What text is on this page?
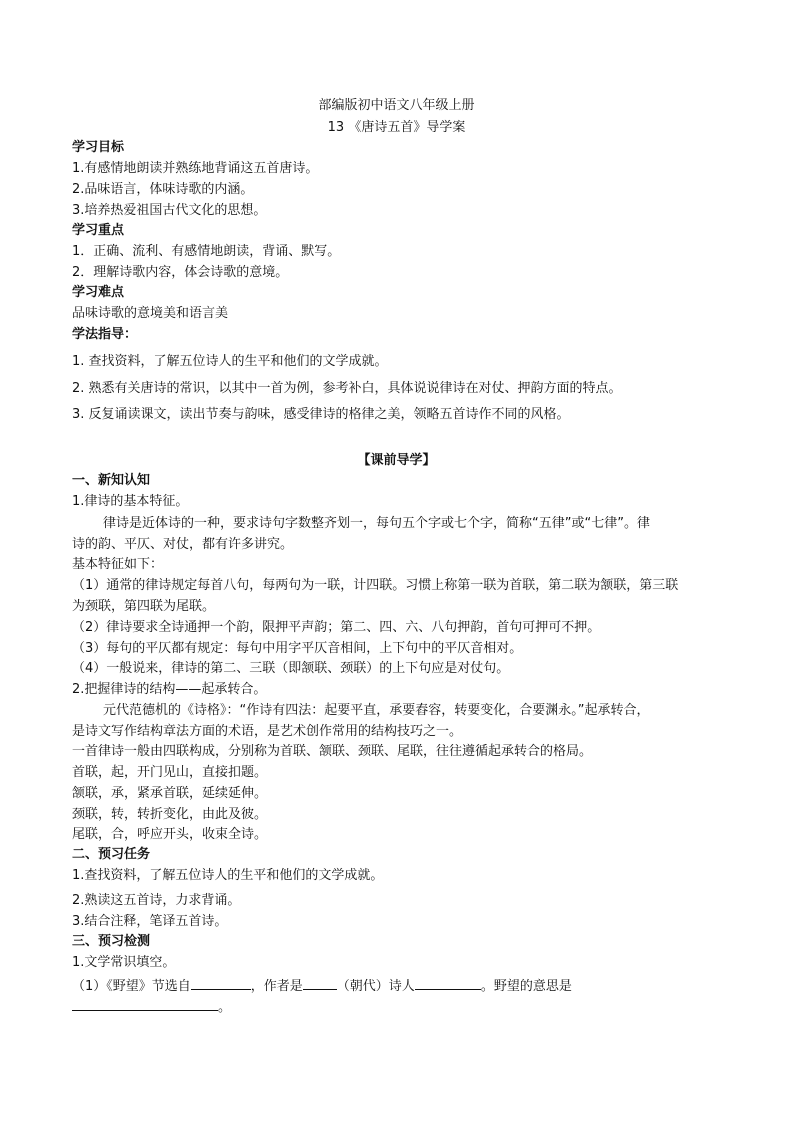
部编版初中语文八年级上册
13 《唐诗五首》导学案
学习目标
1.有感情地朗读并熟练地背诵这五首唐诗。
2.品味语言，体味诗歌的内涵。
3.培养热爱祖国古代文化的思想。
学习重点
1．正确、流利、有感情地朗读，背诵、默写。
2．理解诗歌内容，体会诗歌的意境。
学习难点
品味诗歌的意境美和语言美
学法指导：
1. 查找资料，了解五位诗人的生平和他们的文学成就。
2. 熟悉有关唐诗的常识，以其中一首为例，参考补白，具体说说律诗在对仗、押韵方面的特点。
3. 反复诵读课文，读出节奏与韵味，感受律诗的格律之美，领略五首诗作不同的风格。
【课前导学】
一、新知认知
1.律诗的基本特征。
律诗是近体诗的一种，要求诗句字数整齐划一，每句五个字或七个字，简称“五律”或“七律”。律
诗的韵、平仄、对仗，都有许多讲究。
基本特征如下：
（1）通常的律诗规定每首八句，每两句为一联，计四联。习惯上称第一联为首联，第二联为颔联，第三联
为颈联，第四联为尾联。
（2）律诗要求全诗通押一个韵，限押平声韵；第二、四、六、八句押韵，首句可押可不押。
（3）每句的平仄都有规定：每句中用字平仄音相间，上下句中的平仄音相对。
（4）一般说来，律诗的第二、三联（即颔联、颈联）的上下句应是对仗句。
2.把握律诗的结构——起承转合。
元代范德机的《诗格》：“作诗有四法：起要平直，承要舂容，转要变化，合要渊永。”起承转合，
是诗文写作结构章法方面的术语，是艺术创作常用的结构技巧之一。
一首律诗一般由四联构成，分别称为首联、颔联、颈联、尾联，往往遵循起承转合的格局。
首联，起，开门见山，直接扣题。
颔联，承，紧承首联，延续延伸。
颈联，转，转折变化，由此及彼。
尾联，合，呼应开头，收束全诗。
二、预习任务
1.查找资料，了解五位诗人的生平和他们的文学成就。
2.熟读这五首诗，力求背诵。
3.结合注释，笔译五首诗。
三、预习检测
1.文学常识填空。
（1）《野望》节选自	，作者是	（朝代）诗人	。野望的意思是
。
